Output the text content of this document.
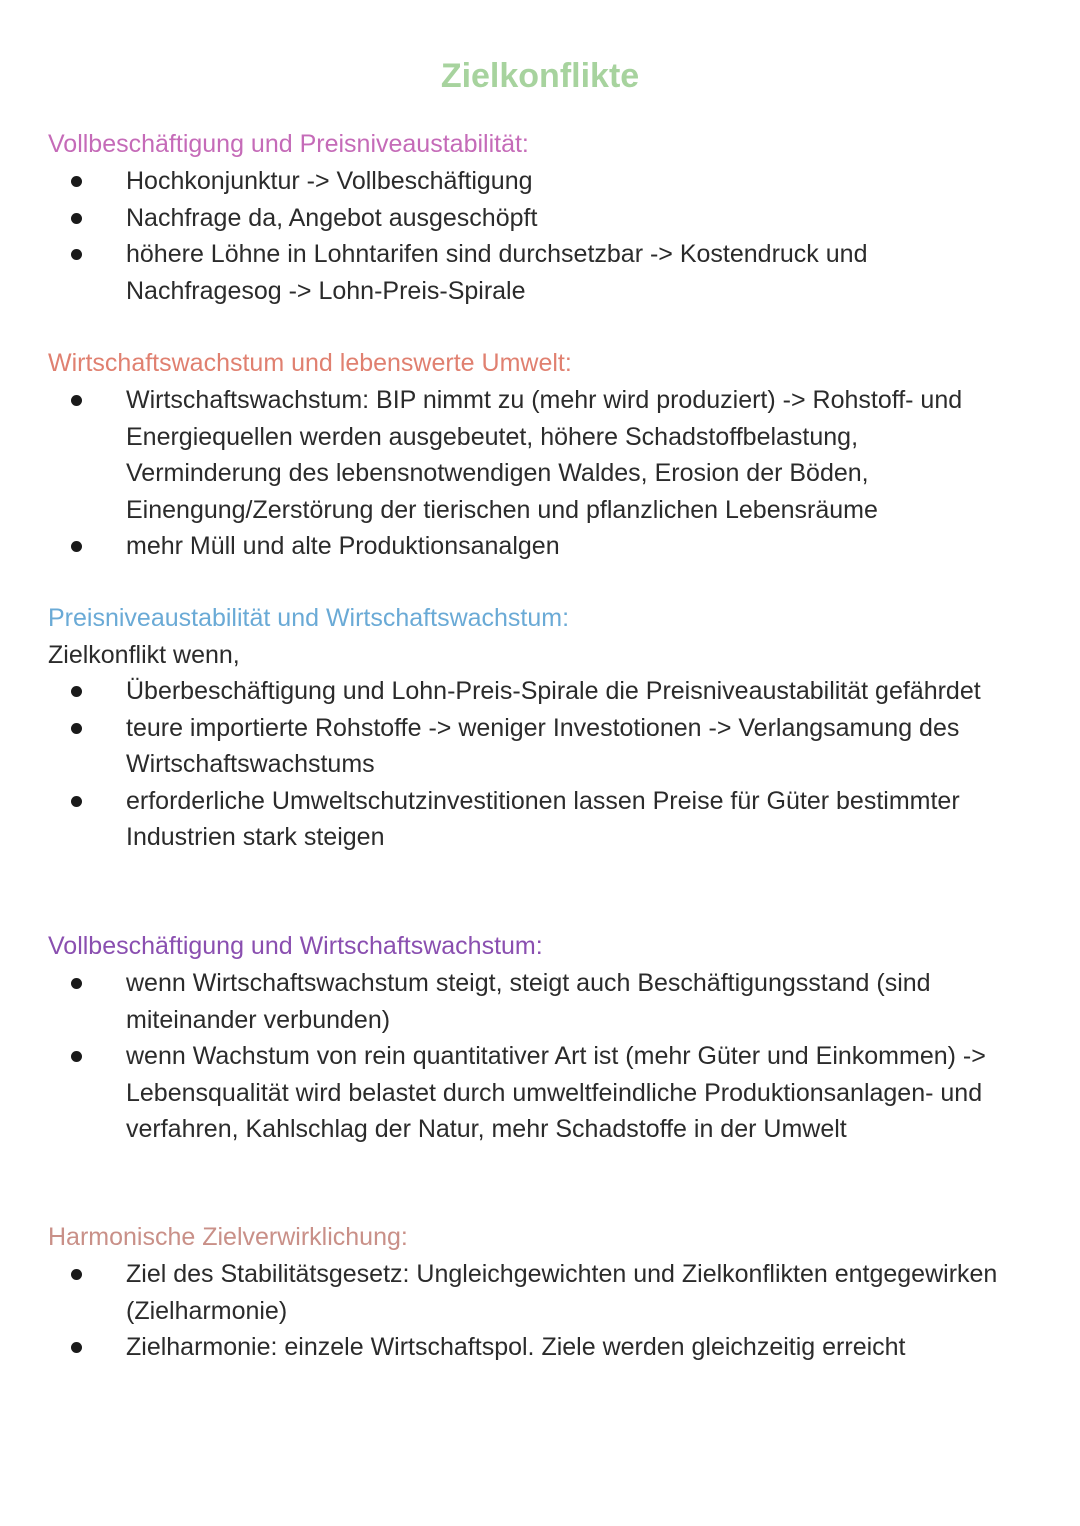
Zielkonflikte
Vollbeschäftigung und Preisniveaustabilität:
Hochkonjunktur -> Vollbeschäftigung
Nachfrage da, Angebot ausgeschöpft
höhere Löhne in Lohntarifen sind durchsetzbar -> Kostendruck und Nachfragesog -> Lohn-Preis-Spirale
Wirtschaftswachstum und lebenswerte Umwelt:
Wirtschaftswachstum: BIP nimmt zu (mehr wird produziert) -> Rohstoff- und Energiequellen werden ausgebeutet, höhere Schadstoffbelastung, Verminderung des lebensnotwendigen Waldes, Erosion der Böden, Einengung/Zerstörung der tierischen und pflanzlichen Lebensräume
mehr Müll und alte Produktionsanalgen
Preisniveaustabilität und Wirtschaftswachstum:

Zielkonflikt wenn,

Überbeschäftigung und Lohn-Preis-Spirale die Preisniveaustabilität gefährdet
teure importierte Rohstoffe -> weniger Investotionen -> Verlangsamung des Wirtschaftswachstums
erforderliche Umweltschutzinvestitionen lassen Preise für Güter bestimmter Industrien stark steigen
Vollbeschäftigung und Wirtschaftswachstum:
wenn Wirtschaftswachstum steigt, steigt auch Beschäftigungsstand (sind miteinander verbunden)
wenn Wachstum von rein quantitativer Art ist (mehr Güter und Einkommen) -> Lebensqualität wird belastet durch umweltfeindliche Produktionsanlagen- und verfahren, Kahlschlag der Natur, mehr Schadstoffe in der Umwelt
Harmonische Zielverwirklichung:
Ziel des Stabilitätsgesetz: Ungleichgewichten und Zielkonflikten entgegewirken (Zielharmonie)
Zielharmonie: einzele Wirtschaftspol. Ziele werden gleichzeitig erreicht
